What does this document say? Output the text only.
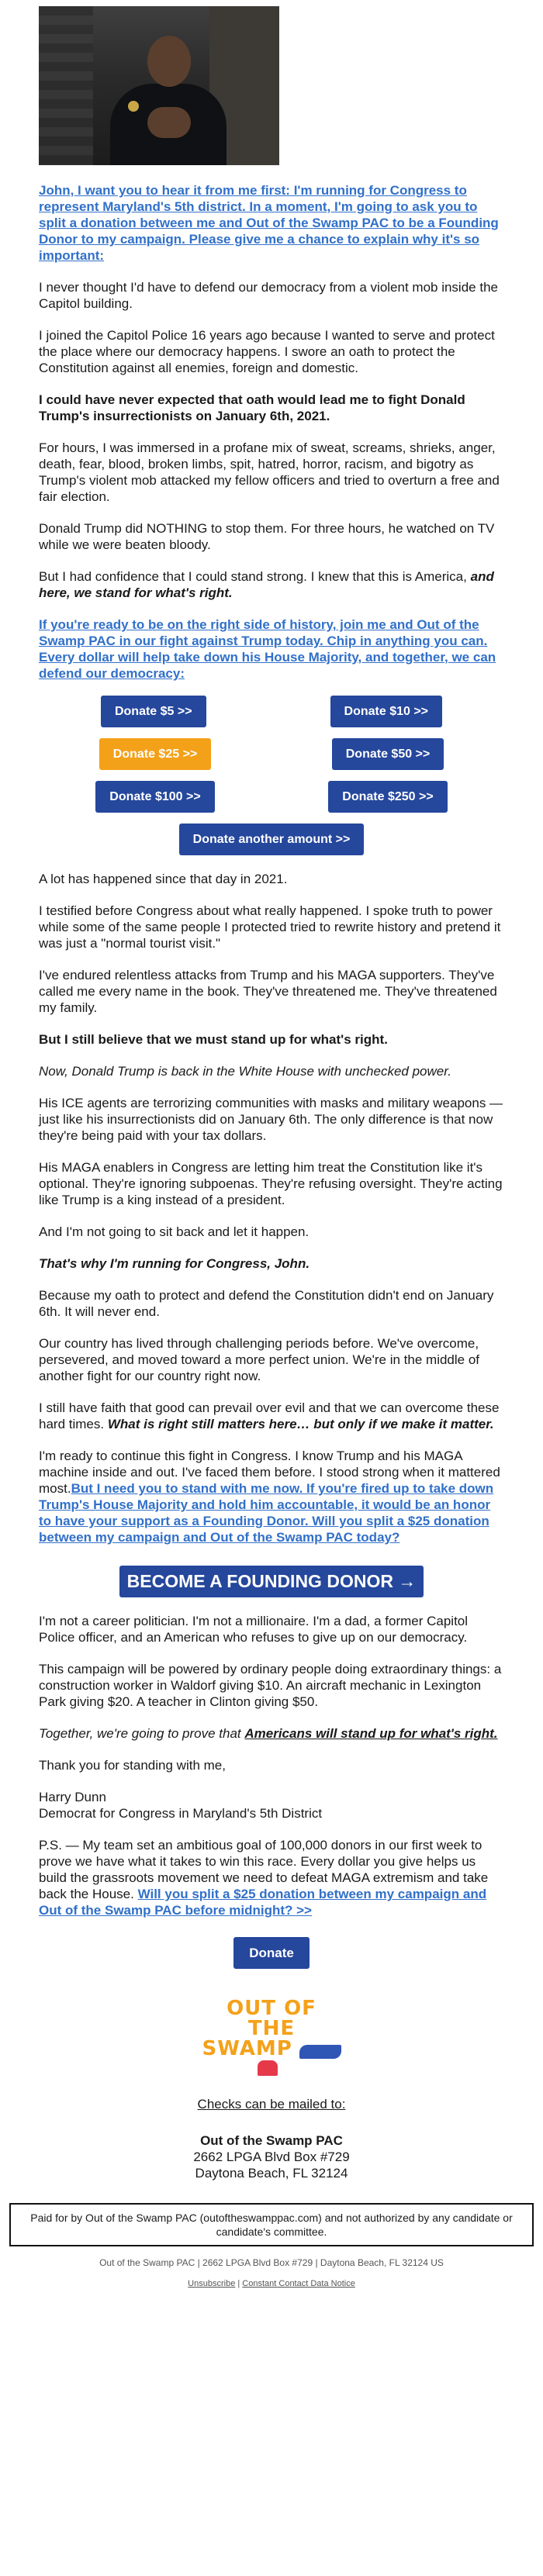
John, I want you to hear it from me first: I'm running for Congress to represent Maryland's 5th district. In a moment, I'm going to ask you to split a donation between me and Out of the Swamp PAC to be a Founding Donor to my campaign. Please give me a chance to explain why it's so important:

I never thought I'd have to defend our democracy from a violent mob inside the Capitol building.

I joined the Capitol Police 16 years ago because I wanted to serve and protect the place where our democracy happens. I swore an oath to protect the Constitution against all enemies, foreign and domestic.

I could have never expected that oath would lead me to fight Donald Trump's insurrectionists on January 6th, 2021.

For hours, I was immersed in a profane mix of sweat, screams, shrieks, anger, death, fear, blood, broken limbs, spit, hatred, horror, racism, and bigotry as Trump's violent mob attacked my fellow officers and tried to overturn a free and fair election.

Donald Trump did NOTHING to stop them. For three hours, he watched on TV while we were beaten bloody.

But I had confidence that I could stand strong. I knew that this is America, and here, we stand for what's right.

If you're ready to be on the right side of history, join me and Out of the Swamp PAC in our fight against Trump today. Chip in anything you can. Every dollar will help take down his House Majority, and together, we can defend our democracy:

Donate $5 >>	Donate $10 >>
Donate $25 >>	Donate $50 >>
Donate $100 >>	Donate $250 >>
Donate another amount >>

A lot has happened since that day in 2021.

I testified before Congress about what really happened. I spoke truth to power while some of the same people I protected tried to rewrite history and pretend it was just a "normal tourist visit."

I've endured relentless attacks from Trump and his MAGA supporters. They've called me every name in the book. They've threatened me. They've threatened my family.

But I still believe that we must stand up for what's right.

Now, Donald Trump is back in the White House with unchecked power.

His ICE agents are terrorizing communities with masks and military weapons — just like his insurrectionists did on January 6th. The only difference is that now they're being paid with your tax dollars.

His MAGA enablers in Congress are letting him treat the Constitution like it's optional. They're ignoring subpoenas. They're refusing oversight. They're acting like Trump is a king instead of a president.

And I'm not going to sit back and let it happen.

That's why I'm running for Congress, John.

Because my oath to protect and defend the Constitution didn't end on January 6th. It will never end.

Our country has lived through challenging periods before. We've overcome, persevered, and moved toward a more perfect union. We're in the middle of another fight for our country right now.

I still have faith that good can prevail over evil and that we can overcome these hard times. What is right still matters here… but only if we make it matter.

I'm ready to continue this fight in Congress. I know Trump and his MAGA machine inside and out. I've faced them before. I stood strong when it mattered most.But I need you to stand with me now. If you're fired up to take down Trump's House Majority and hold him accountable, it would be an honor to have your support as a Founding Donor. Will you split a $25 donation between my campaign and Out of the Swamp PAC today?

BECOME A FOUNDING DONOR →

I'm not a career politician. I'm not a millionaire. I'm a dad, a former Capitol Police officer, and an American who refuses to give up on our democracy.

This campaign will be powered by ordinary people doing extraordinary things: a construction worker in Waldorf giving $10. An aircraft mechanic in Lexington Park giving $20. A teacher in Clinton giving $50.

Together, we're going to prove that Americans will stand up for what's right.

Thank you for standing with me,

Harry Dunn

Democrat for Congress in Maryland's 5th District

P.S. — My team set an ambitious goal of 100,000 donors in our first week to prove we have what it takes to win this race. Every dollar you give helps us build the grassroots movement we need to defeat MAGA extremism and take back the House. Will you split a $25 donation between my campaign and Out of the Swamp PAC before midnight? >>

Donate
OUT OF THE
SWAMP
Checks can be mailed to:
Out of the Swamp PAC
2662 LPGA Blvd Box #729
Daytona Beach, FL 32124
Paid for by Out of the Swamp PAC (outoftheswamppac.com) and not authorized by any candidate or candidate's committee.
Out of the Swamp PAC | 2662 LPGA Blvd Box #729 | Daytona Beach, FL 32124 US
Unsubscribe | Constant Contact Data Notice
